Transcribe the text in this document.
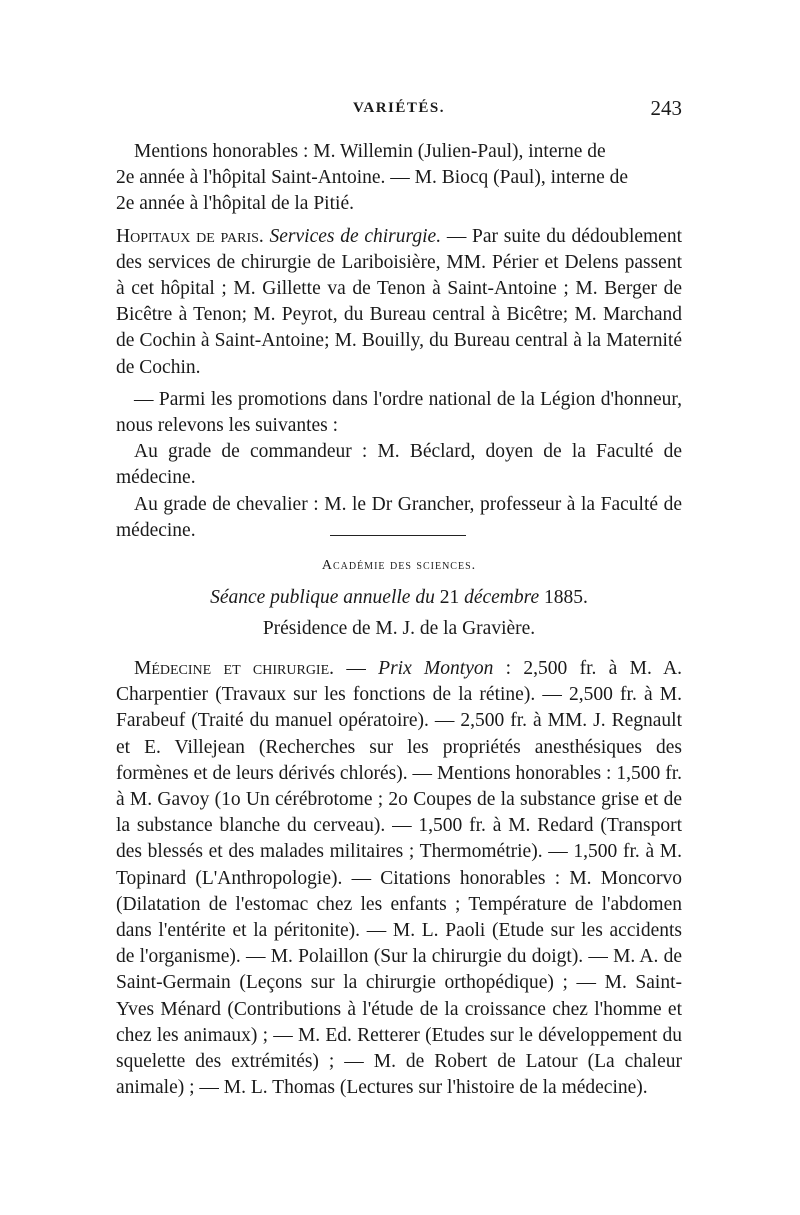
VARIÉTÉS.	243

Mentions honorables : M. Willemin (Julien-Paul), interne de
2e année à l'hôpital Saint-Antoine. — M. Biocq (Paul), interne de
2e année à l'hôpital de la Pitié.

Hopitaux de paris. Services de chirurgie. — Par suite du dédoublement des services de chirurgie de Lariboisière, MM. Périer et Delens passent à cet hôpital ; M. Gillette va de Tenon à Saint-Antoine ; M. Berger de Bicêtre à Tenon; M. Peyrot, du Bureau central à Bicêtre; M. Marchand de Cochin à Saint-Antoine; M. Bouilly, du Bureau central à la Maternité de Cochin.

— Parmi les promotions dans l'ordre national de la Légion d'honneur, nous relevons les suivantes :

Au grade de commandeur : M. Béclard, doyen de la Faculté de médecine.

Au grade de chevalier : M. le Dr Grancher, professeur à la Faculté de médecine.

Académie des sciences.
Séance publique annuelle du 21 décembre 1885.
Présidence de M. J. de la Gravière.

Médecine et chirurgie. — Prix Montyon : 2,500 fr. à M. A. Charpentier (Travaux sur les fonctions de la rétine). — 2,500 fr. à M. Farabeuf (Traité du manuel opératoire). — 2,500 fr. à MM. J. Regnault et E. Villejean (Recherches sur les propriétés anesthésiques des formènes et de leurs dérivés chlorés). — Mentions honorables : 1,500 fr. à M. Gavoy (1o Un cérébrotome ; 2o Coupes de la substance grise et de la substance blanche du cerveau). — 1,500 fr. à M. Redard (Transport des blessés et des malades militaires ; Thermométrie). — 1,500 fr. à M. Topinard (L'Anthropologie). — Citations honorables : M. Moncorvo (Dilatation de l'estomac chez les enfants ; Température de l'abdomen dans l'entérite et la péritonite). — M. L. Paoli (Etude sur les accidents de l'organisme). — M. Polaillon (Sur la chirurgie du doigt). — M. A. de Saint-Germain (Leçons sur la chirurgie orthopédique) ; — M. Saint-Yves Ménard (Contributions à l'étude de la croissance chez l'homme et chez les animaux) ; — M. Ed. Retterer (Etudes sur le développement du squelette des extrémités) ; — M. de Robert de Latour (La chaleur animale) ; — M. L. Thomas (Lectures sur l'histoire de la médecine).
